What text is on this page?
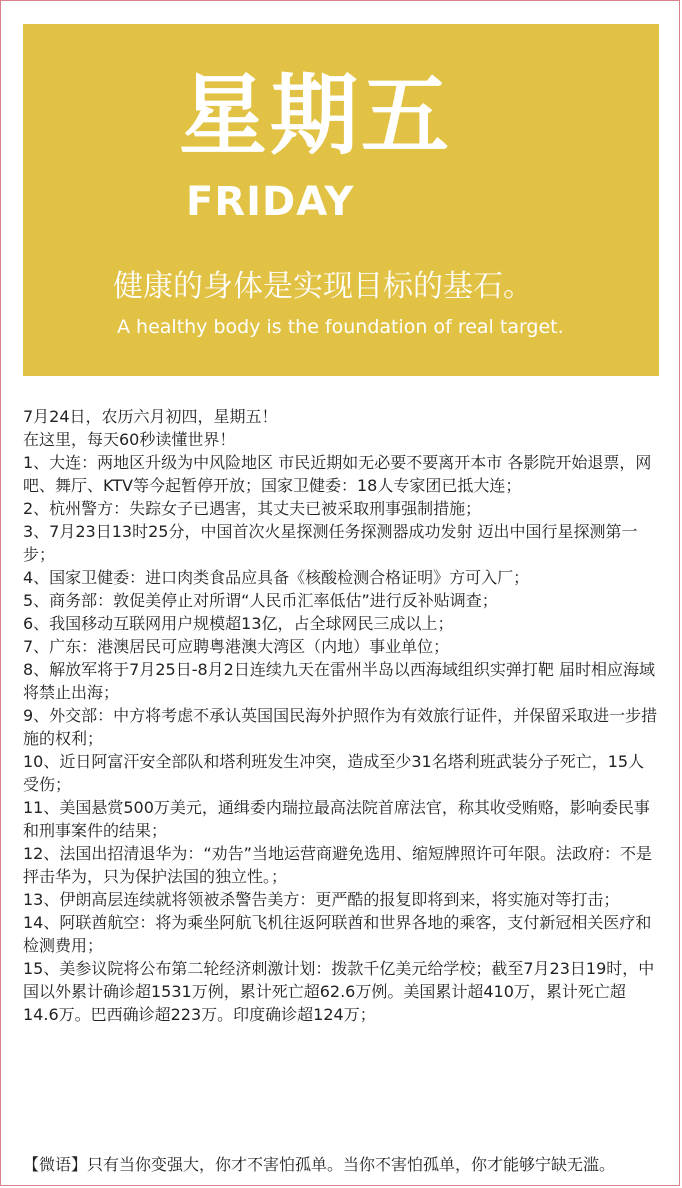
星期五
FRIDAY
健康的身体是实现目标的基石。
A healthy body is the foundation of real target.

7月24日，农历六月初四，星期五！

在这里，每天60秒读懂世界！

1、大连：两地区升级为中风险地区 市民近期如无必要不要离开本市 各影院开始退票，网吧、舞厅、KTV等今起暂停开放；国家卫健委：18人专家团已抵大连；

2、杭州警方：失踪女子已遇害，其丈夫已被采取刑事强制措施；

3、7月23日13时25分，中国首次火星探测任务探测器成功发射 迈出中国行星探测第一步；

4、国家卫健委：进口肉类食品应具备《核酸检测合格证明》方可入厂；

5、商务部：敦促美停止对所谓“人民币汇率低估”进行反补贴调查；

6、我国移动互联网用户规模超13亿，占全球网民三成以上；

7、广东：港澳居民可应聘粤港澳大湾区（内地）事业单位；

8、解放军将于7月25日-8月2日连续九天在雷州半岛以西海域组织实弹打靶 届时相应海域将禁止出海；

9、外交部：中方将考虑不承认英国国民海外护照作为有效旅行证件，并保留采取进一步措施的权利；

10、近日阿富汗安全部队和塔利班发生冲突，造成至少31名塔利班武装分子死亡，15人受伤；

11、美国悬赏500万美元，通缉委内瑞拉最高法院首席法官，称其收受贿赂，影响委民事和刑事案件的结果；

12、法国出招清退华为：“劝告”当地运营商避免选用、缩短牌照许可年限。法政府：不是抨击华为，只为保护法国的独立性。；

13、伊朗高层连续就将领被杀警告美方：更严酷的报复即将到来，将实施对等打击；

14、阿联酋航空：将为乘坐阿航飞机往返阿联酋和世界各地的乘客，支付新冠相关医疗和检测费用；

15、美参议院将公布第二轮经济刺激计划：拨款千亿美元给学校；截至7月23日19时，中国以外累计确诊超1531万例，累计死亡超62.6万例。美国累计超410万，累计死亡超14.6万。巴西确诊超223万。印度确诊超124万；

【微语】只有当你变强大，你才不害怕孤单。当你不害怕孤单，你才能够宁缺无滥。
